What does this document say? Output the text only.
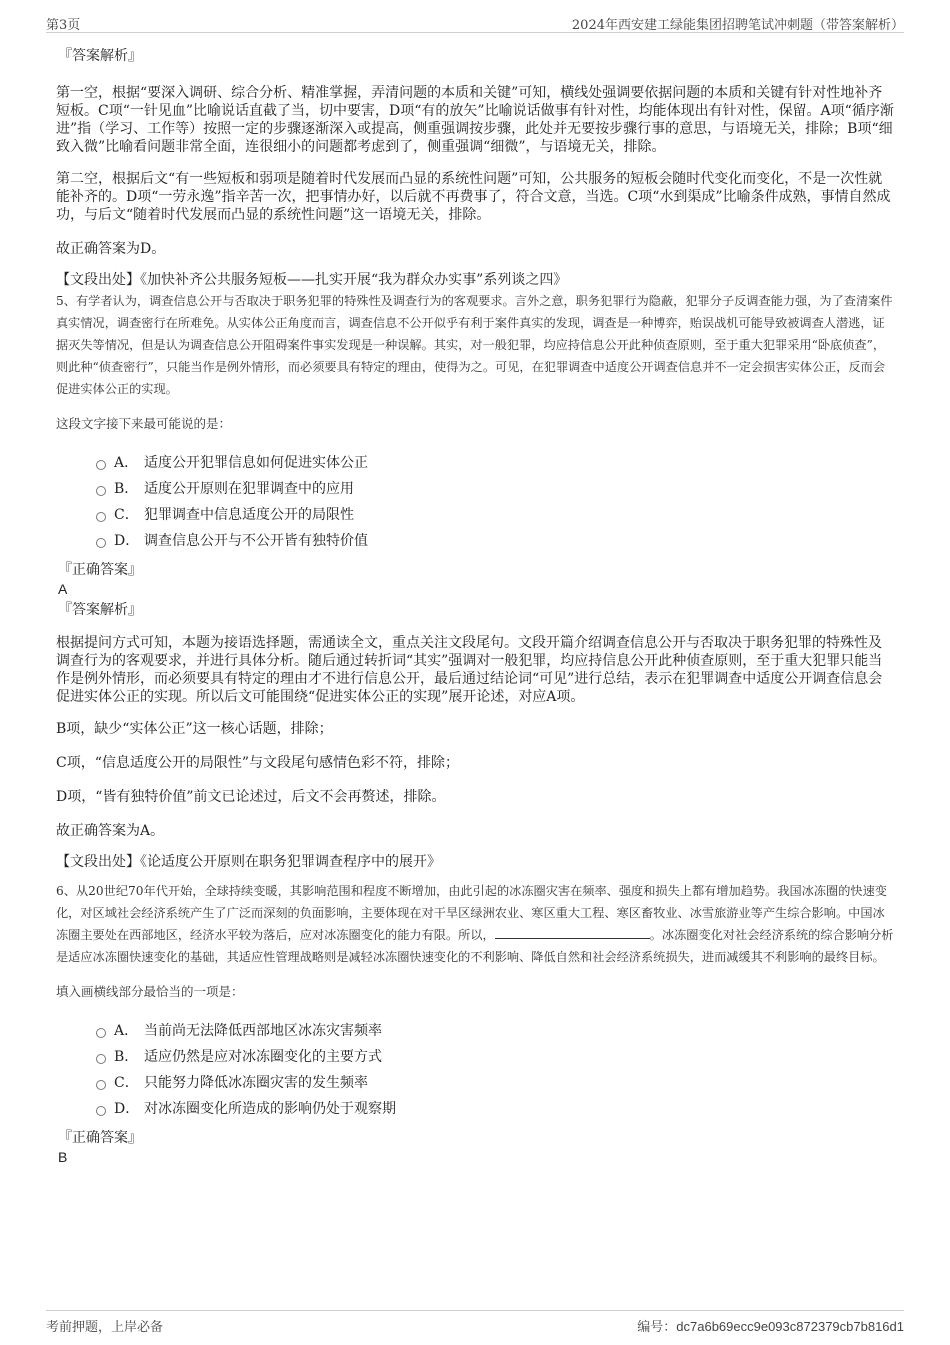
第3页	2024年西安建工绿能集团招聘笔试冲刺题（带答案解析）

『答案解析』

第一空，根据“要深入调研、综合分析、精准掌握，弄清问题的本质和关键”可知，横线处强调要依据问题的本质和关键有针对性地补齐短板。C项“一针见血”比喻说话直截了当，切中要害，D项“有的放矢”比喻说话做事有针对性，均能体现出有针对性，保留。A项“循序渐进”指（学习、工作等）按照一定的步骤逐渐深入或提高，侧重强调按步骤，此处并无要按步骤行事的意思，与语境无关，排除；B项“细致入微”比喻看问题非常全面，连很细小的问题都考虑到了，侧重强调“细微”，与语境无关，排除。

第二空，根据后文“有一些短板和弱项是随着时代发展而凸显的系统性问题”可知，公共服务的短板会随时代变化而变化，不是一次性就能补齐的。D项“一劳永逸”指辛苦一次，把事情办好，以后就不再费事了，符合文意，当选。C项“水到渠成”比喻条件成熟，事情自然成功，与后文“随着时代发展而凸显的系统性问题”这一语境无关，排除。

故正确答案为D。

【文段出处】《加快补齐公共服务短板——扎实开展“我为群众办实事”系列谈之四》

5、有学者认为，调查信息公开与否取决于职务犯罪的特殊性及调查行为的客观要求。言外之意，职务犯罪行为隐蔽，犯罪分子反调查能力强，为了查清案件真实情况，调查密行在所难免。从实体公正角度而言，调查信息不公开似乎有利于案件真实的发现，调查是一种博弈，贻误战机可能导致被调查人潜逃，证据灭失等情况，但是认为调查信息公开阻碍案件事实发现是一种误解。其实，对一般犯罪，均应持信息公开此种侦查原则，至于重大犯罪采用“卧底侦查”，则此种“侦查密行”，只能当作是例外情形，而必须要具有特定的理由，使得为之。可见，在犯罪调查中适度公开调查信息并不一定会损害实体公正，反而会促进实体公正的实现。

这段文字接下来最可能说的是：

A． 适度公开犯罪信息如何促进实体公正
B． 适度公开原则在犯罪调查中的应用
C． 犯罪调查中信息适度公开的局限性
D． 调查信息公开与不公开皆有独特价值

『正确答案』

A

『答案解析』

根据提问方式可知，本题为接语选择题，需通读全文，重点关注文段尾句。文段开篇介绍调查信息公开与否取决于职务犯罪的特殊性及调查行为的客观要求，并进行具体分析。随后通过转折词“其实”强调对一般犯罪，均应持信息公开此种侦查原则，至于重大犯罪只能当作是例外情形，而必须要具有特定的理由才不进行信息公开，最后通过结论词“可见”进行总结，表示在犯罪调查中适度公开调查信息会促进实体公正的实现。所以后文可能围绕“促进实体公正的实现”展开论述，对应A项。

B项，缺少“实体公正”这一核心话题，排除；

C项，“信息适度公开的局限性”与文段尾句感情色彩不符，排除；

D项，“皆有独特价值”前文已论述过，后文不会再赘述，排除。

故正确答案为A。

【文段出处】《论适度公开原则在职务犯罪调查程序中的展开》

6、从20世纪70年代开始，全球持续变暖，其影响范围和程度不断增加，由此引起的冰冻圈灾害在频率、强度和损失上都有增加趋势。我国冰冻圈的快速变化，对区域社会经济系统产生了广泛而深刻的负面影响，主要体现在对干旱区绿洲农业、寒区重大工程、寒区畜牧业、冰雪旅游业等产生综合影响。中国冰冻圈主要处在西部地区，经济水平较为落后，应对冰冻圈变化的能力有限。所以，	。冰冻圈变化对社会经济系统的综合影响分析是适应冰冻圈快速变化的基础，其适应性管理战略则是减轻冰冻圈快速变化的不利影响、降低自然和社会经济系统损失，进而减缓其不利影响的最终目标。

填入画横线部分最恰当的一项是：

A． 当前尚无法降低西部地区冰冻灾害频率
B． 适应仍然是应对冰冻圈变化的主要方式
C． 只能努力降低冰冻圈灾害的发生频率
D． 对冰冻圈变化所造成的影响仍处于观察期

『正确答案』

B

考前押题，上岸必备	编号：dc7a6b69ecc9e093c872379cb7b816d1
